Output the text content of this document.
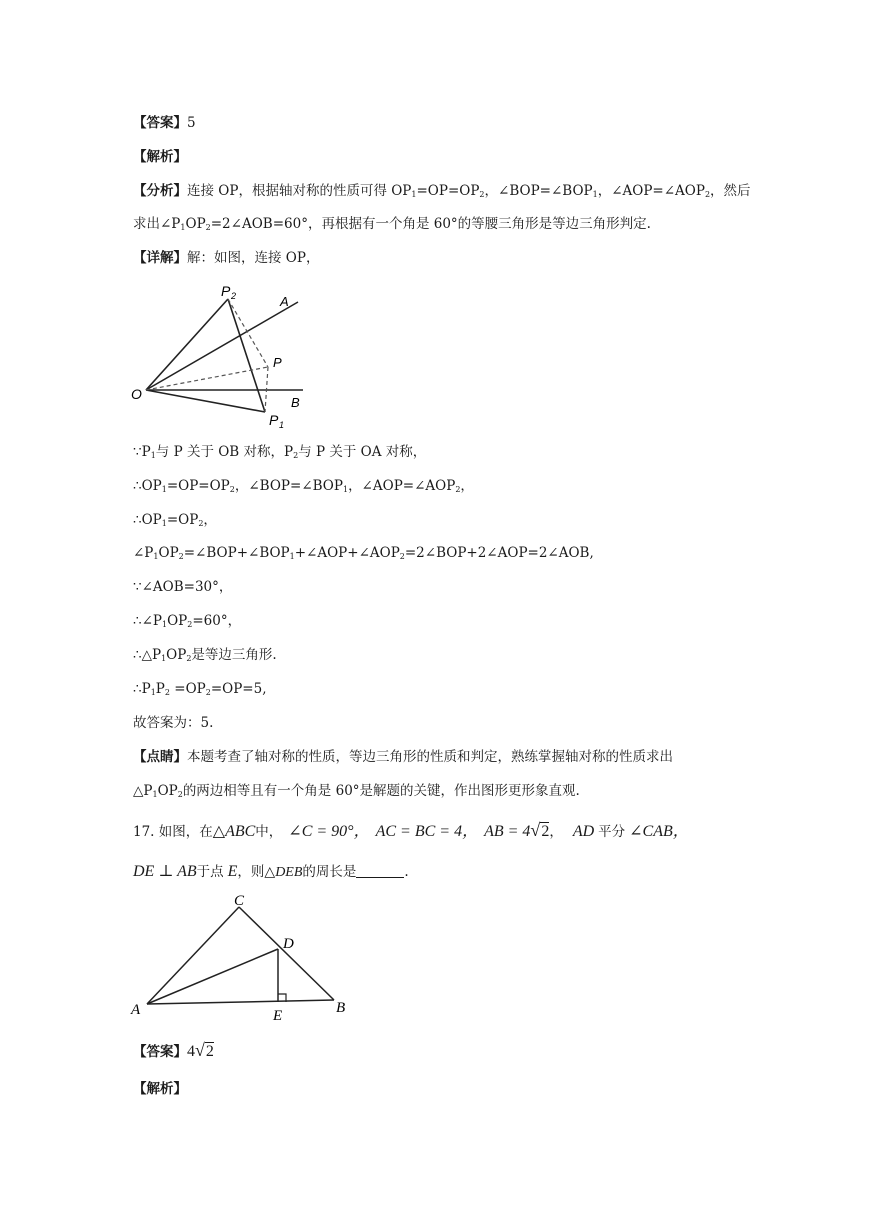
【答案】5
【解析】
【分析】连接 OP，根据轴对称的性质可得 $OP_1=OP=OP_2$，$\angle BOP=\angle BOP_1$，$\angle AOP=\angle AOP_2$，然后
求出$\angle P_1OP_2=2\angle AOB=60^\circ$，再根据有一个角是 60°的等腰三角形是等边三角形判定.
【详解】解：如图，连接 OP，
P 2	A
P
O
B
P 1
$\because P_1$与 P 关于 OB 对称，$P_2$与 P 关于 OA 对称，
$\therefore OP_1=OP=OP_2$，$\angle BOP=\angle BOP_1$，$\angle AOP=\angle AOP_2$，
$\therefore OP_1=OP_2$，
$\angle P_1OP_2=\angle BOP+\angle BOP_1+\angle AOP+\angle AOP_2=2\angle BOP+2\angle AOP=2\angle AOB$,
∵∠AOB=30°，
$\therefore\angle P_1OP_2=60^\circ$，
$\therefore\triangle P_1OP_2$是等边三角形.
$\therefore P_1P_2 =OP_2=OP=5$,
故答案为：5.
【点睛】本题考查了轴对称的性质，等边三角形的性质和判定，熟练掌握轴对称的性质求出
$\triangle P_1OP_2$的两边相等且有一个角是 60°是解题的关键，作出图形更形象直观.
17. 如图，在△ABC中， ∠C = 90°， AC = BC = 4， AB = 4√2， AD 平分 ∠CAB，
DE ⊥ AB于点 E，则△DEB的周长是	.
C
D
A	E	B
【答案】4√2
【解析】
